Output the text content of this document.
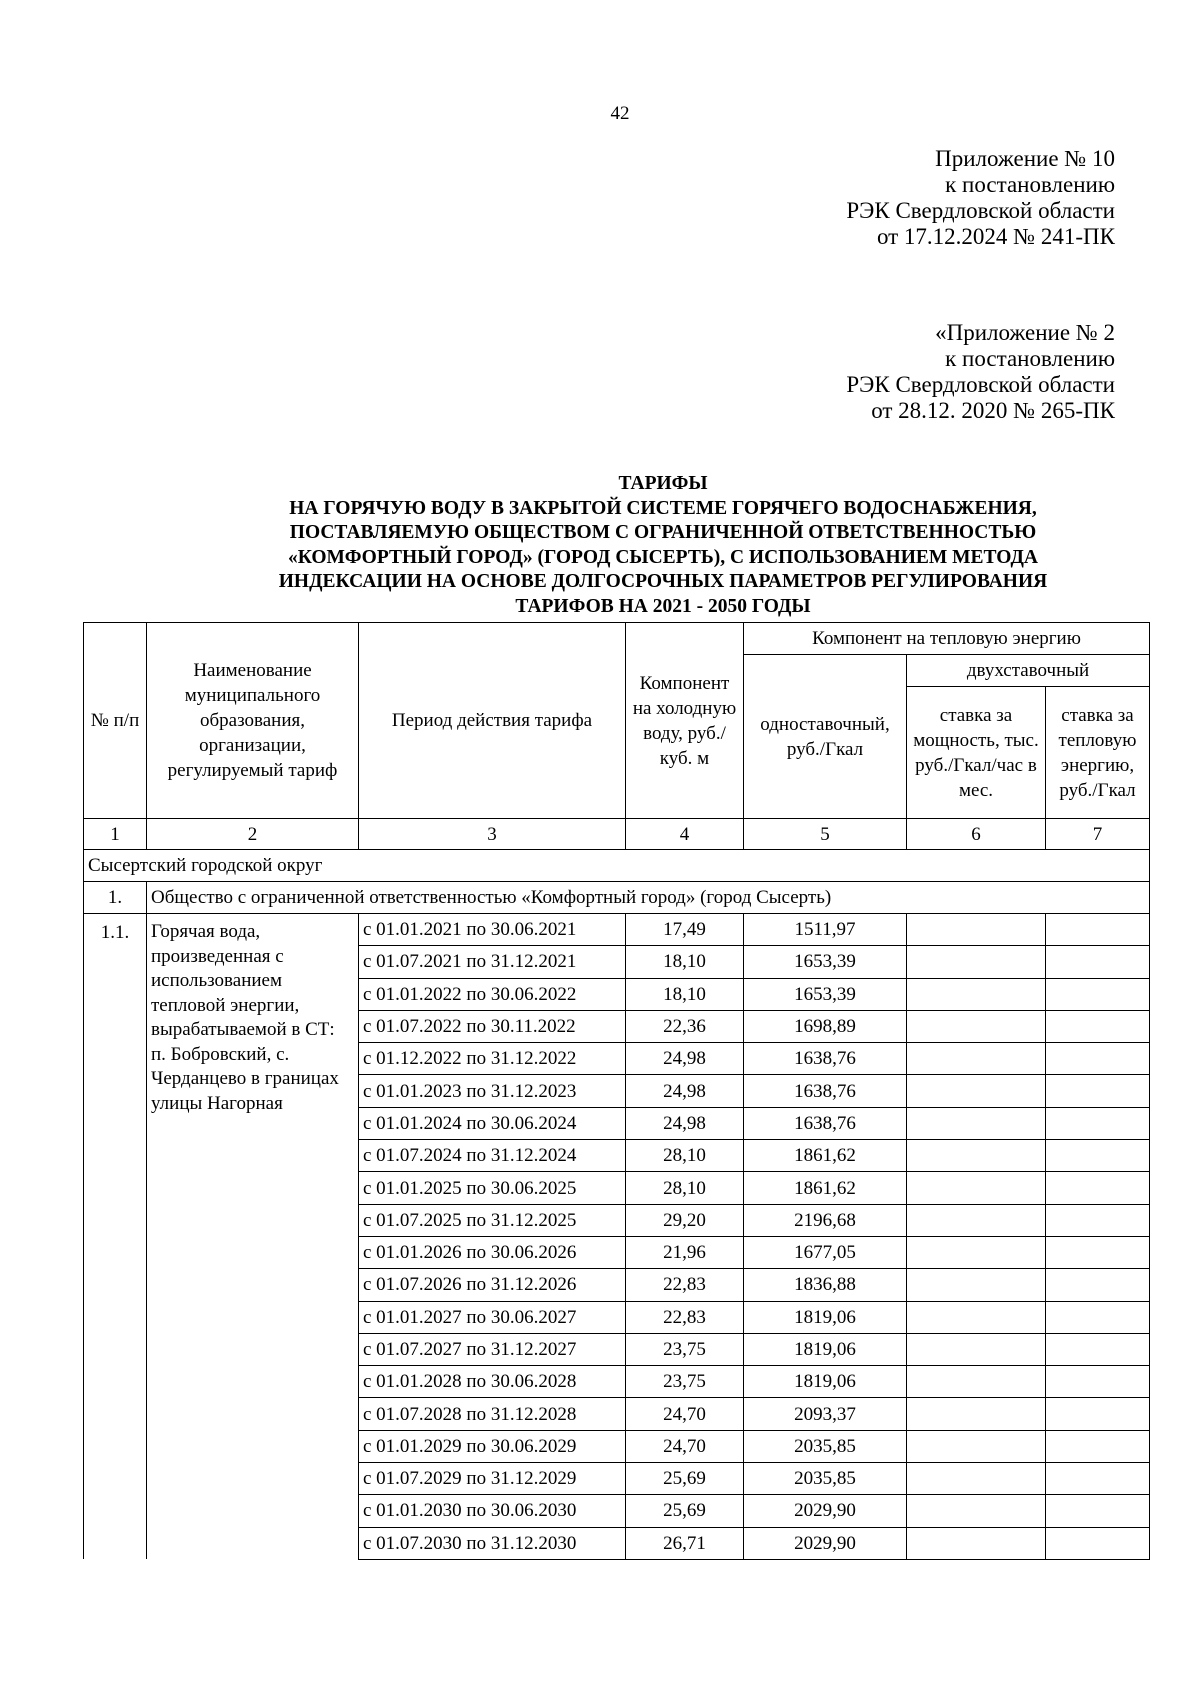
42
Приложение № 10
к постановлению
РЭК Свердловской области
от 17.12.2024 № 241-ПК
«Приложение № 2
к постановлению
РЭК Свердловской области
от 28.12. 2020 № 265-ПК
ТАРИФЫ
НА ГОРЯЧУЮ ВОДУ В ЗАКРЫТОЙ СИСТЕМЕ ГОРЯЧЕГО ВОДОСНАБЖЕНИЯ,
ПОСТАВЛЯЕМУЮ ОБЩЕСТВОМ С ОГРАНИЧЕННОЙ ОТВЕТСТВЕННОСТЬЮ
«КОМФОРТНЫЙ ГОРОД» (ГОРОД СЫСЕРТЬ), С ИСПОЛЬЗОВАНИЕМ МЕТОДА
ИНДЕКСАЦИИ НА ОСНОВЕ ДОЛГОСРОЧНЫХ ПАРАМЕТРОВ РЕГУЛИРОВАНИЯ
ТАРИФОВ НА 2021 - 2050 ГОДЫ
№ п/п	Наименование муниципального образования, организации, регулируемый тариф	Период действия тарифа	Компонент на холодную воду, руб./куб. м	Компонент на тепловую энергию		
				одноставочный, руб./Гкал	двухставочный	
					ставка за мощность, тыс. руб./Гкал/час в мес.	ставка за тепловую энергию, руб./Гкал
1	2	3	4	5	6	7
Сысертский городской округ						
1.	Общество с ограниченной ответственностью «Комфортный город» (город Сысерть)					
1.1.	Горячая вода, произведенная с использованием тепловой энергии, вырабатываемой в СТ: п. Бобровский, с. Черданцево в границах улицы Нагорная	с 01.01.2021 по 30.06.2021	17,49	1511,97		
		с 01.07.2021 по 31.12.2021	18,10	1653,39		
		с 01.01.2022 по 30.06.2022	18,10	1653,39		
		с 01.07.2022 по 30.11.2022	22,36	1698,89		
		с 01.12.2022 по 31.12.2022	24,98	1638,76		
		с 01.01.2023 по 31.12.2023	24,98	1638,76		
		с 01.01.2024 по 30.06.2024	24,98	1638,76		
		с 01.07.2024 по 31.12.2024	28,10	1861,62		
		с 01.01.2025 по 30.06.2025	28,10	1861,62		
		с 01.07.2025 по 31.12.2025	29,20	2196,68		
		с 01.01.2026 по 30.06.2026	21,96	1677,05		
		с 01.07.2026 по 31.12.2026	22,83	1836,88		
		с 01.01.2027 по 30.06.2027	22,83	1819,06		
		с 01.07.2027 по 31.12.2027	23,75	1819,06		
		с 01.01.2028 по 30.06.2028	23,75	1819,06		
		с 01.07.2028 по 31.12.2028	24,70	2093,37		
		с 01.01.2029 по 30.06.2029	24,70	2035,85		
		с 01.07.2029 по 31.12.2029	25,69	2035,85		
		с 01.01.2030 по 30.06.2030	25,69	2029,90		
		с 01.07.2030 по 31.12.2030	26,71	2029,90		
